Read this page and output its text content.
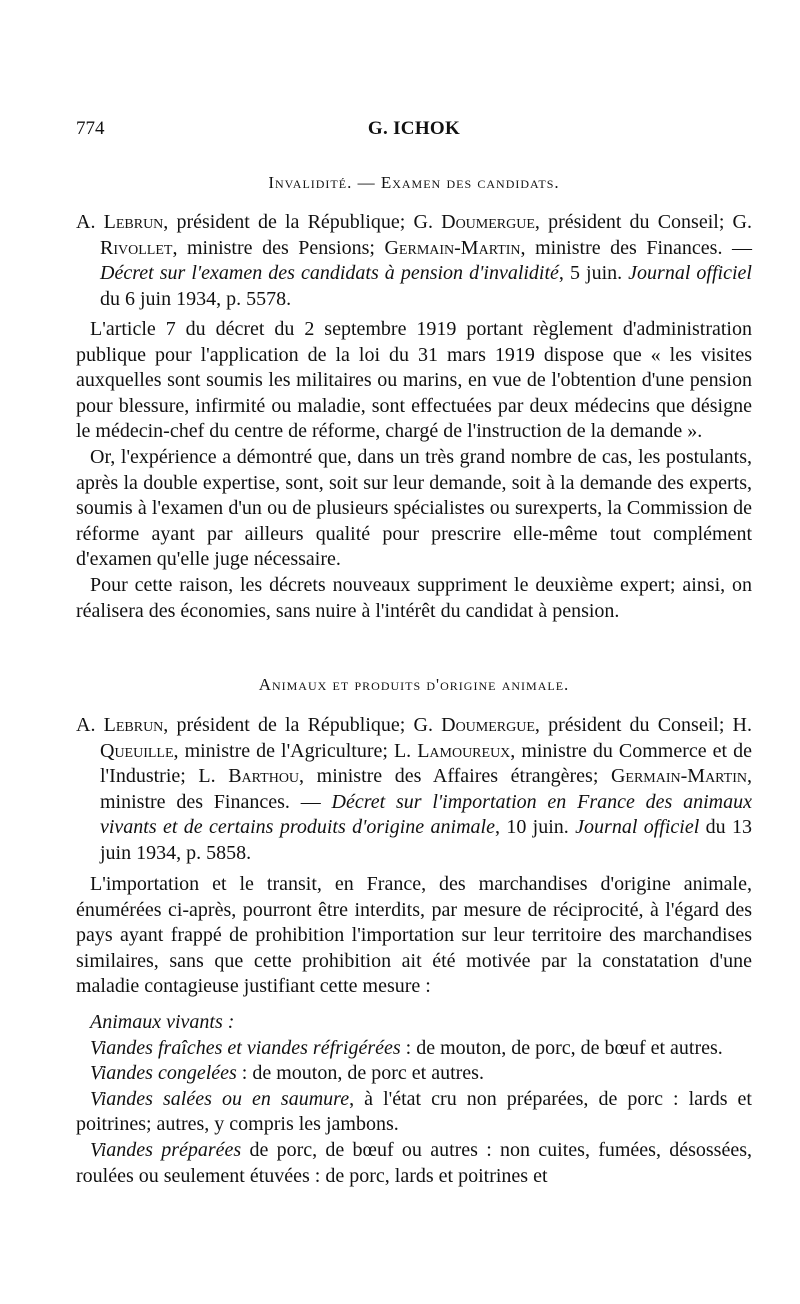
774	G. ICHOK
Invalidité. — Examen des candidats.
A. Lebrun, président de la République; G. Doumergue, président du Conseil; G. Rivollet, ministre des Pensions; Germain-Martin, ministre des Finances. — Décret sur l'examen des candidats à pension d'invalidité, 5 juin. Journal officiel du 6 juin 1934, p. 5578.

L'article 7 du décret du 2 septembre 1919 portant règlement d'administration publique pour l'application de la loi du 31 mars 1919 dispose que « les visites auxquelles sont soumis les militaires ou marins, en vue de l'obtention d'une pension pour blessure, infirmité ou maladie, sont effectuées par deux médecins que désigne le médecin-chef du centre de réforme, chargé de l'instruction de la demande ».

Or, l'expérience a démontré que, dans un très grand nombre de cas, les postulants, après la double expertise, sont, soit sur leur demande, soit à la demande des experts, soumis à l'examen d'un ou de plusieurs spécialistes ou surexperts, la Commission de réforme ayant par ailleurs qualité pour prescrire elle-même tout complément d'examen qu'elle juge nécessaire.

Pour cette raison, les décrets nouveaux suppriment le deuxième expert; ainsi, on réalisera des économies, sans nuire à l'intérêt du candidat à pension.

Animaux et produits d'origine animale.
A. Lebrun, président de la République; G. Doumergue, président du Conseil; H. Queuille, ministre de l'Agriculture; L. Lamoureux, ministre du Commerce et de l'Industrie; L. Barthou, ministre des Affaires étrangères; Germain-Martin, ministre des Finances. — Décret sur l'importation en France des animaux vivants et de certains produits d'origine animale, 10 juin. Journal officiel du 13 juin 1934, p. 5858.

L'importation et le transit, en France, des marchandises d'origine animale, énumérées ci-après, pourront être interdits, par mesure de réciprocité, à l'égard des pays ayant frappé de prohibition l'importation sur leur territoire des marchandises similaires, sans que cette prohibition ait été motivée par la constatation d'une maladie contagieuse justifiant cette mesure :

Animaux vivants :

Viandes fraîches et viandes réfrigérées : de mouton, de porc, de bœuf et autres.

Viandes congelées : de mouton, de porc et autres.

Viandes salées ou en saumure, à l'état cru non préparées, de porc : lards et poitrines; autres, y compris les jambons.

Viandes préparées de porc, de bœuf ou autres : non cuites, fumées, désossées, roulées ou seulement étuvées : de porc, lards et poitrines et
